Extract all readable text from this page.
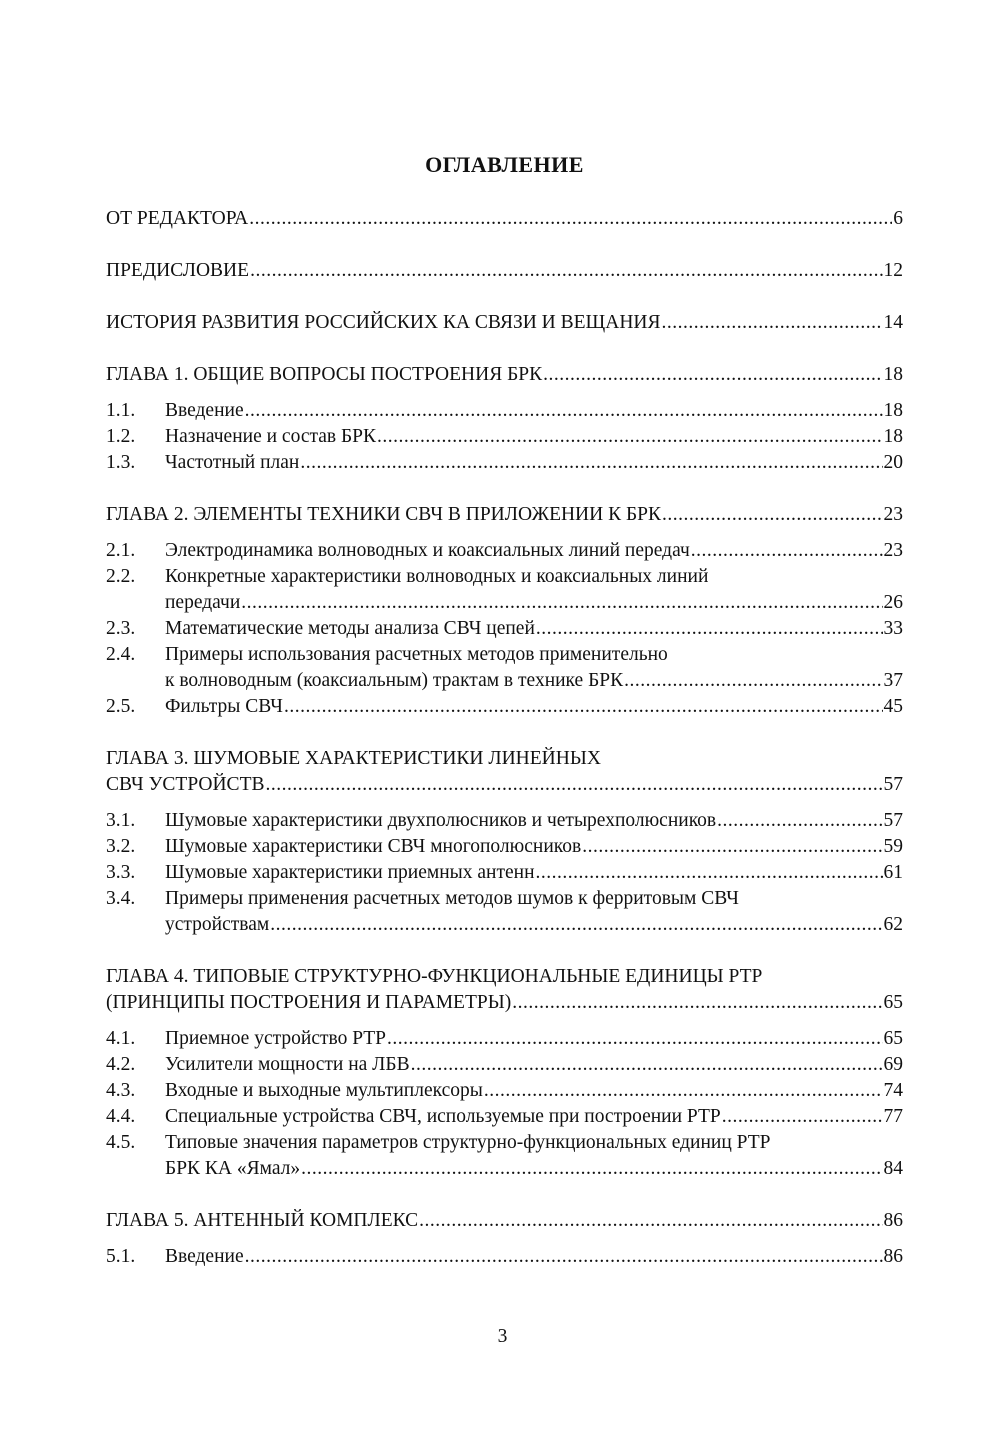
ОГЛАВЛЕНИЕ
ОТ РЕДАКТОРА .....	6
ПРЕДИСЛОВИЕ .....	12
ИСТОРИЯ РАЗВИТИЯ РОССИЙСКИХ КА СВЯЗИ И ВЕЩАНИЯ .....	14
ГЛАВА 1. ОБЩИЕ ВОПРОСЫ ПОСТРОЕНИЯ БРК .....	18
1.1.	Введение .....	18
1.2.	Назначение и состав БРК .....	18
1.3.	Частотный план .....	20
ГЛАВА 2. ЭЛЕМЕНТЫ ТЕХНИКИ СВЧ В ПРИЛОЖЕНИИ К БРК .....	23
2.1.	Электродинамика волноводных и коаксиальных линий передач .....	23
2.2.	Конкретные характеристики волноводных и коаксиальных линий
передачи .....	26
2.3.	Математические методы анализа СВЧ цепей .....	33
2.4.	Примеры использования расчетных методов применительно
к волноводным (коаксиальным) трактам в технике БРК .....	37
2.5.	Фильтры СВЧ .....	45
ГЛАВА 3. ШУМОВЫЕ ХАРАКТЕРИСТИКИ ЛИНЕЙНЫХ
СВЧ УСТРОЙСТВ .....	57
3.1.	Шумовые характеристики двухполюсников и четырехполюсников .....	57
3.2.	Шумовые характеристики СВЧ многополюсников .....	59
3.3.	Шумовые характеристики приемных антенн .....	61
3.4.	Примеры применения расчетных методов шумов к ферритовым СВЧ
устройствам .....	62
ГЛАВА 4. ТИПОВЫЕ СТРУКТУРНО-ФУНКЦИОНАЛЬНЫЕ ЕДИНИЦЫ РТР
(ПРИНЦИПЫ ПОСТРОЕНИЯ И ПАРАМЕТРЫ) .....	65
4.1.	Приемное устройство РТР .....	65
4.2.	Усилители мощности на ЛБВ .....	69
4.3.	Входные и выходные мультиплексоры .....	74
4.4.	Специальные устройства СВЧ, используемые при построении РТР .....	77
4.5.	Типовые значения параметров структурно-функциональных единиц РТР
БРК КА «Ямал» .....	84
ГЛАВА 5. АНТЕННЫЙ КОМПЛЕКС .....	86
5.1.	Введение .....	86
3
